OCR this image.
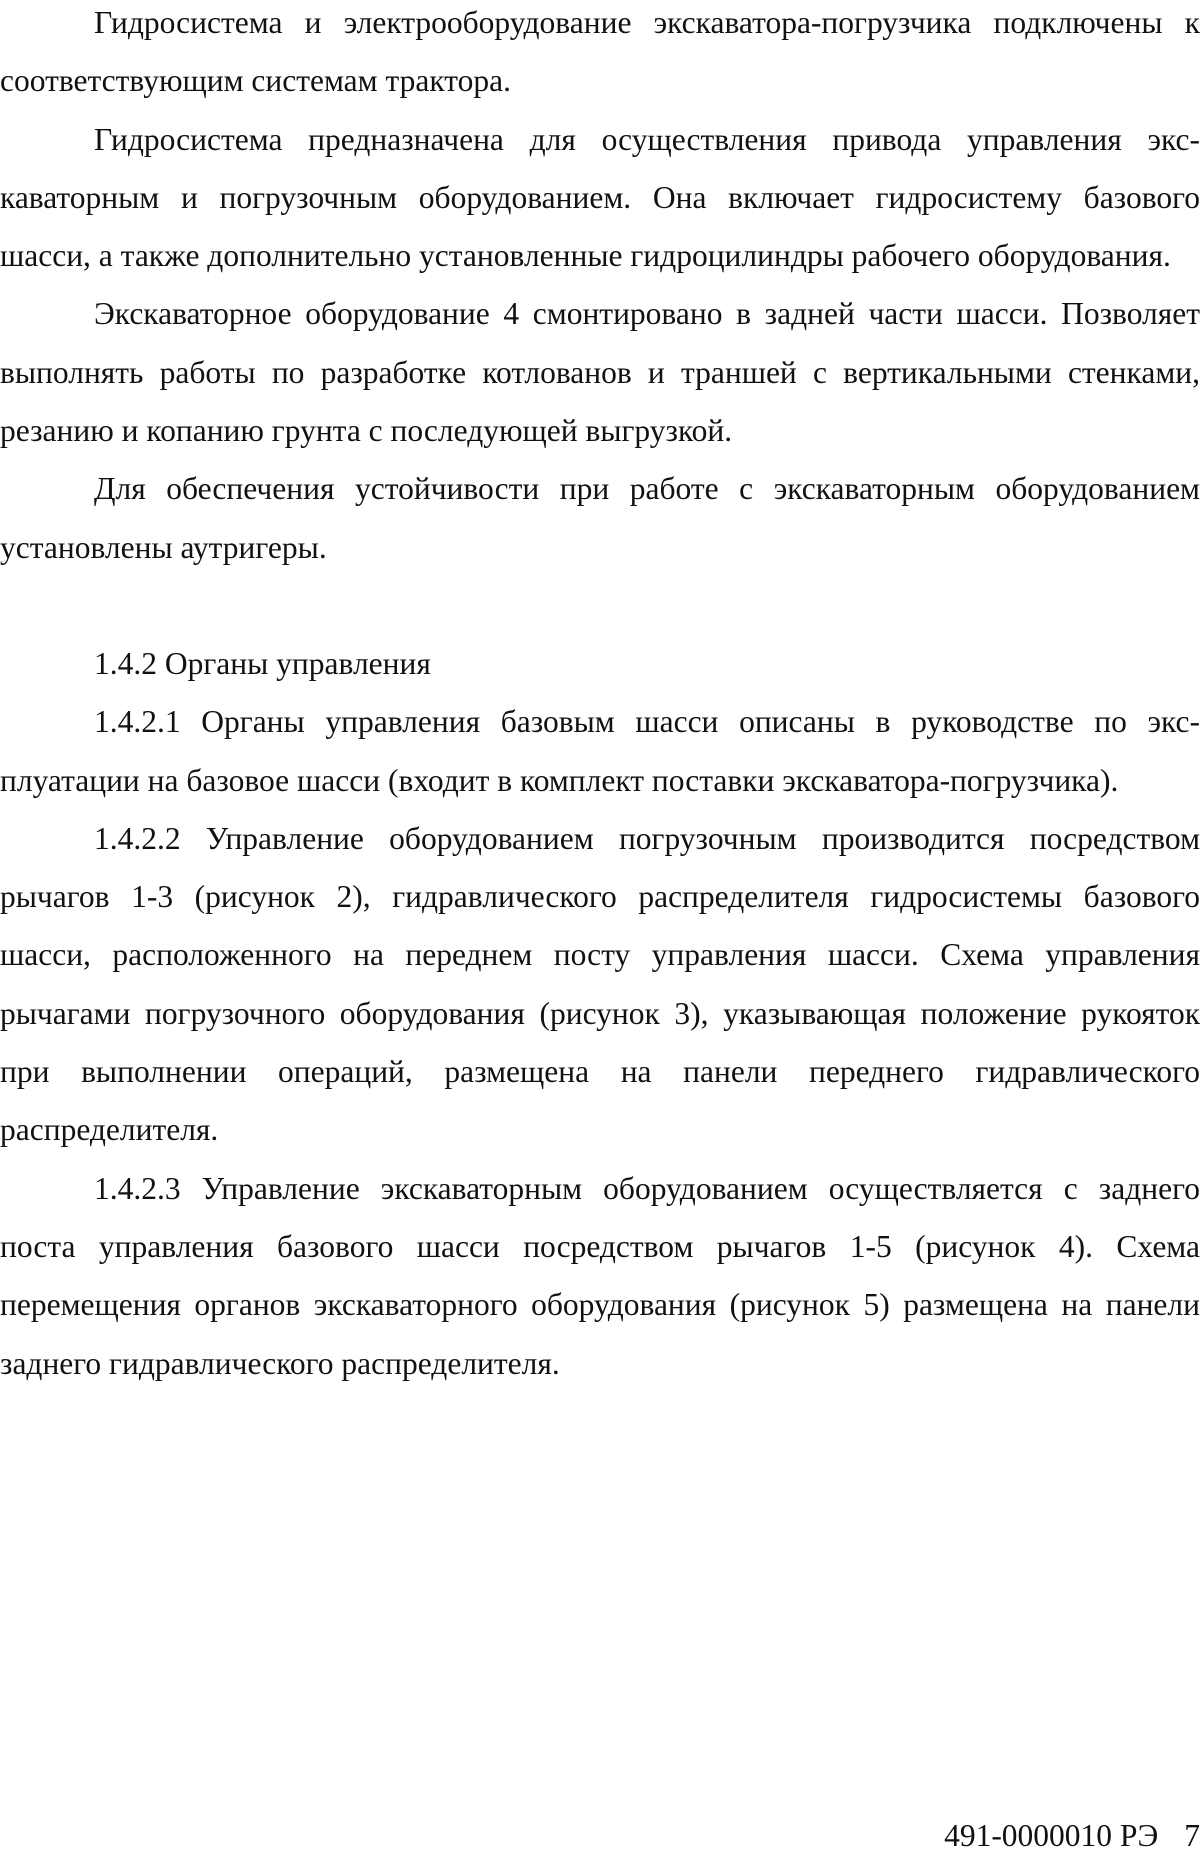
Гидросистема и электрооборудование экскаватора-погрузчика подключены к соответствующим системам трактора.

Гидросистема предназначена для осуществления привода управления экскаваторным и погрузочным оборудованием. Она включает гидросистему базового шасси, а также дополнительно установленные гидроцилиндры рабочего оборудования.

Экскаваторное оборудование 4 смонтировано в задней части шасси. Позволяет выполнять работы по разработке котлованов и траншей с вертикальными стенками, резанию и копанию грунта с последующей выгрузкой.

Для обеспечения устойчивости при работе с экскаваторным оборудованием установлены аутригеры.

1.4.2 Органы управления

1.4.2.1 Органы управления базовым шасси описаны в руководстве по эксплуатации на базовое шасси (входит в комплект поставки экскаватора-погрузчика).

1.4.2.2 Управление оборудованием погрузочным производится посредством рычагов 1-3 (рисунок 2), гидравлического распределителя гидросистемы базового шасси, расположенного на переднем посту управления шасси. Схема управления рычагами погрузочного оборудования (рисунок 3), указывающая положение рукояток при выполнении операций, размещена на панели переднего гидравлического распределителя.

1.4.2.3 Управление экскаваторным оборудованием осуществляется с заднего поста управления базового шасси посредством рычагов 1-5 (рисунок 4). Схема перемещения органов экскаваторного оборудования (рисунок 5) размещена на панели заднего гидравлического распределителя.

491-0000010 РЭ 7
